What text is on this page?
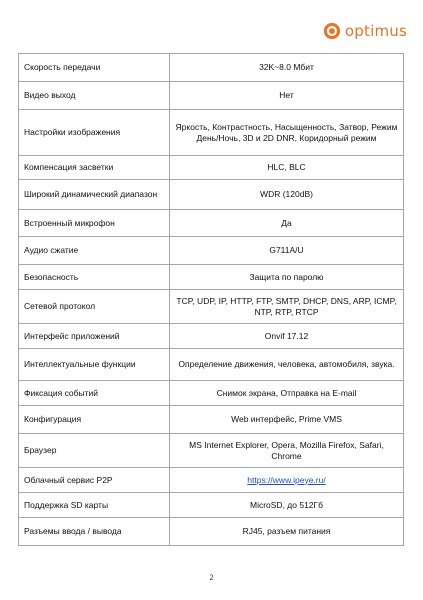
optimus
Скорость передачи	32K~8.0 Мбит
Видео выход	Нет
Настройки изображения	Яркость, Контрастность, Насыщенность, Затвор, Режим День/Ночь, 3D и 2D DNR, Коридорный режим
Компенсация засветки	HLC, BLC
Широкий динамический диапазон	WDR (120dB)
Встроенный микрофон	Да
Аудио сжатие	G711A/U
Безопасность	Защита по паролю
Сетевой протокол	TCP, UDP, IP, HTTP, FTP, SMTP, DHCP, DNS, ARP, ICMP, NTP, RTP, RTCP
Интерфейс приложений	Onvif 17.12
Интеллектуальные функции	Определение движения, человека, автомобиля, звука.
Фиксация событий	Снимок экрана, Отправка на E-mail
Конфигурация	Web интерфейс, Prime VMS
Браузер	MS Internet Explorer, Opera, Mozilla Firefox, Safari, Chrome
Облачный сервис P2P	https://www.ipeye.ru/
Поддержка SD карты	MicroSD, до 512Гб
Разъемы ввода / вывода	RJ45, разъем питания
2
